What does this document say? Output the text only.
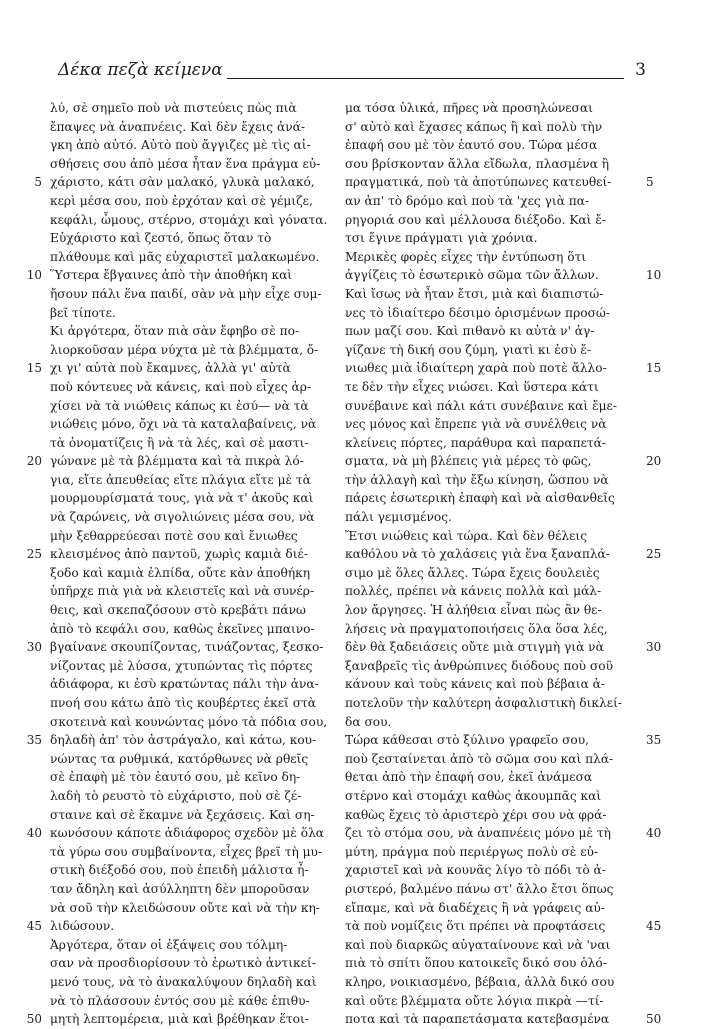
Δέκα πεζὰ κείμενα	3
λύ, σὲ σημεῖο ποὺ νὰ πιστεύεις πὼς πιὰ
ἔπαψες νὰ ἀναπνέεις. Καὶ δὲν ἔχεις ἀνά-
γκη ἀπὸ αὐτό. Αὐτὸ ποὺ ἄγγιζες μὲ τὶς αἰ-
σθήσεις σου ἀπὸ μέσα ἦταν ἕνα πράγμα εὐ-
χάριστο, κάτι σὰν μαλακό, γλυκὰ μαλακό,
κερὶ μέσα σου, ποὺ ἐρχόταν καὶ σὲ γέμιζε,
κεφάλι, ὦμους, στέρνο, στομάχι καὶ γόνατα.
Εὐχάριστο καὶ ζεστό, ὅπως ὅταν τὸ
πλάθουμε καὶ μᾶς εὐχαριστεῖ μαλακωμένο.
Ὕστερα ἔβγαινες ἀπὸ τὴν ἀποθήκη καὶ
ἤσουν πάλι ἕνα παιδί, σὰν νὰ μὴν εἶχε συμ-
βεῖ τίποτε.
Κι ἀργότερα, ὅταν πιὰ σὰν ἔφηβο σὲ πο-
λιορκοῦσαν μέρα νύχτα μὲ τὰ βλέμματα, ὄ-
χι γι' αὐτὰ ποὺ ἔκαμνες, ἀλλὰ γι' αὐτὰ
ποὺ κόντευες νὰ κάνεις, καὶ ποὺ εἶχες ἀρ-
χίσει νὰ τὰ νιώθεις κάπως κι ἐσύ— νὰ τὰ
νιώθεις μόνο, ὄχι νὰ τὰ καταλαβαίνεις, νὰ
τὰ ὀνοματίζεις ἢ νὰ τὰ λές, καὶ σὲ μαστι-
γώνανε μὲ τὰ βλέμματα καὶ τὰ πικρὰ λό-
για, εἴτε ἀπευθείας εἴτε πλάγια εἴτε μὲ τὰ
μουρμουρίσματά τους, γιὰ νὰ τ' ἀκοῦς καὶ
νὰ ζαρώνεις, νὰ σιγολιώνεις μέσα σου, νὰ
μὴν ξεθαρρεύεσαι ποτὲ σου καὶ ἔνιωθες
κλεισμένος ἀπὸ παντοῦ, χωρὶς καμιὰ διέ-
ξοδο καὶ καμιὰ ἐλπίδα, οὔτε κὰν ἀποθήκη
ὑπῆρχε πιὰ γιὰ νὰ κλειστεῖς καὶ νὰ συνέρ-
θεις, καὶ σκεπαζόσουν στὸ κρεβάτι πάνω
ἀπὸ τὸ κεφάλι σου, καθὼς ἐκεῖνες μπαινο-
βγαίνανε σκουπίζοντας, τινάζοντας, ξεσκο-
νίζοντας μὲ λύσσα, χτυπώντας τὶς πόρτες
ἀδιάφορα, κι ἐσὺ κρατώντας πάλι τὴν ἀνα-
πνοή σου κάτω ἀπὸ τὶς κουβέρτες ἐκεῖ στὰ
σκοτεινὰ καὶ κουνώντας μόνο τὰ πόδια σου,
δηλαδὴ ἀπ' τὸν ἀστράγαλο, καὶ κάτω, κου-
νώντας τα ρυθμικά, κατόρθωνες νὰ ρθεῖς
σὲ ἐπαφὴ μὲ τὸν ἑαυτό σου, μὲ κεῖνο δη-
λαδὴ τὸ ρευστὸ τὸ εὐχάριστο, ποὺ σὲ ζέ-
σταινε καὶ σὲ ἔκαμνε νὰ ξεχάσεις. Καὶ ση-
κωνόσουν κάποτε ἀδιάφορος σχεδὸν μὲ ὅλα
τὰ γύρω σου συμβαίνοντα, εἶχες βρεῖ τὴ μυ-
στικὴ διέξοδό σου, ποὺ ἐπειδὴ μάλιστα ἦ-
ταν ἄδηλη καὶ ἀσύλληπτη δὲν μποροῦσαν
νὰ σοῦ τὴν κλειδώσουν οὔτε καὶ νὰ τὴν κη-
λιδώσουν.
Ἀργότερα, ὅταν οἱ ἐξάψεις σου τόλμη-
σαν νὰ προσδιορίσουν τὸ ἐρωτικὸ ἀντικεί-
μενό τους, νὰ τὸ ἀνακαλύψουν δηλαδὴ καὶ
νὰ τὸ πλάσσουν ἐντός σου μὲ κάθε ἐπιθυ-
μητὴ λεπτομέρεια, μιὰ καὶ βρέθηκαν ἕτοι-
μα τόσα ὑλικά, πῆρες νὰ προσηλώνεσαι
σ' αὐτὸ καὶ ἔχασες κάπως ἢ καὶ πολὺ τὴν
ἐπαφή σου μὲ τὸν ἑαυτό σου. Τώρα μέσα
σου βρίσκονταν ἄλλα εἴδωλα, πλασμένα ἢ
πραγματικά, ποὺ τὰ ἀποτύπωνες κατευθεί-
αν ἀπ' τὸ δρόμο καὶ ποὺ τὰ 'χες γιὰ πα-
ρηγοριά σου καὶ μέλλουσα διέξοδο. Καὶ ἔ-
τσι ἔγινε πράγματι γιὰ χρόνια.
Μερικὲς φορὲς εἶχες τὴν ἐντύπωση ὅτι
ἀγγίζεις τὸ ἐσωτερικὸ σῶμα τῶν ἄλλων.
Καὶ ἴσως νὰ ἦταν ἔτσι, μιὰ καὶ διαπιστώ-
νες τὸ ἰδιαίτερο δέσιμο ὁρισμένων προσώ-
πων μαζί σου. Καὶ πιθανὸ κι αὐτὰ ν' ἀγ-
γίζανε τὴ δική σου ζύμη, γιατὶ κι ἐσὺ ἔ-
νιωθες μιὰ ἰδιαίτερη χαρὰ ποὺ ποτὲ ἄλλο-
τε δὲν τὴν εἶχες νιώσει. Καὶ ὕστερα κάτι
συνέβαινε καὶ πάλι κάτι συνέβαινε καὶ ἔμε-
νες μόνος καὶ ἔπρεπε γιὰ νὰ συνέλθεις νὰ
κλείνεις πόρτες, παράθυρα καὶ παραπετά-
σματα, νὰ μὴ βλέπεις γιὰ μέρες τὸ φῶς,
τὴν ἀλλαγὴ καὶ τὴν ἔξω κίνηση, ὥσπου νὰ
πάρεις ἐσωτερικὴ ἐπαφὴ καὶ νὰ αἰσθανθεῖς
πάλι γεμισμένος.
Ἔτσι νιώθεις καὶ τώρα. Καὶ δὲν θέλεις
καθόλου νὰ τὸ χαλάσεις γιὰ ἕνα ξαναπλά-
σιμο μὲ ὅλες ἄλλες. Τώρα ἔχεις δουλειὲς
πολλές, πρέπει νὰ κάνεις πολλὰ καὶ μάλ-
λον ἄργησες. Ἡ ἀλήθεια εἶναι πὼς ἂν θε-
λήσεις νὰ πραγματοποιήσεις ὅλα ὅσα λές,
δὲν θὰ ξαδειάσεις οὔτε μιὰ στιγμὴ γιὰ νὰ
ξαναβρεῖς τὶς ἀνθρώπινες διόδους ποὺ σοῦ
κάνουν καὶ τοὺς κάνεις καὶ ποὺ βέβαια ἀ-
ποτελοῦν τὴν καλύτερη ἀσφαλιστικὴ δικλεί-
δα σου.
Τώρα κάθεσαι στὸ ξύλινο γραφεῖο σου,
ποὺ ζεσταίνεται ἀπὸ τὸ σῶμα σου καὶ πλά-
θεται ἀπὸ τὴν ἐπαφή σου, ἐκεῖ ἀνάμεσα
στέρνο καὶ στομάχι καθὼς ἀκουμπᾶς καὶ
καθὼς ἔχεις τὸ ἀριστερὸ χέρι σου νὰ φρά-
ζει τὸ στόμα σου, νὰ ἀναπνέεις μόνο μὲ τὴ
μύτη, πράγμα ποὺ περιέργως πολὺ σὲ εὐ-
χαριστεῖ καὶ νὰ κουνᾶς λίγο τὸ πόδι τὸ ἀ-
ριστερό, βαλμένο πάνω στ' ἄλλο ἔτσι ὅπως
εἴπαμε, καὶ νὰ διαδέχεις ἢ νὰ γράφεις αὐ-
τὰ ποὺ νομίζεις ὅτι πρέπει νὰ προφτάσεις
καὶ ποὺ διαρκῶς αὐγαταίνουνε καὶ νὰ 'ναι
πιὰ τὸ σπίτι ὅπου κατοικεῖς δικό σου ὁλό-
κληρο, νοικιασμένο, βέβαια, ἀλλὰ δικό σου
καὶ οὔτε βλέμματα οὔτε λόγια πικρὰ —τί-
ποτα καὶ τὰ παραπετάσματα κατεβασμένα
5	5
10	10
15	15
20	20
25	25
30	30
35	35
40	40
45	45
50	50
